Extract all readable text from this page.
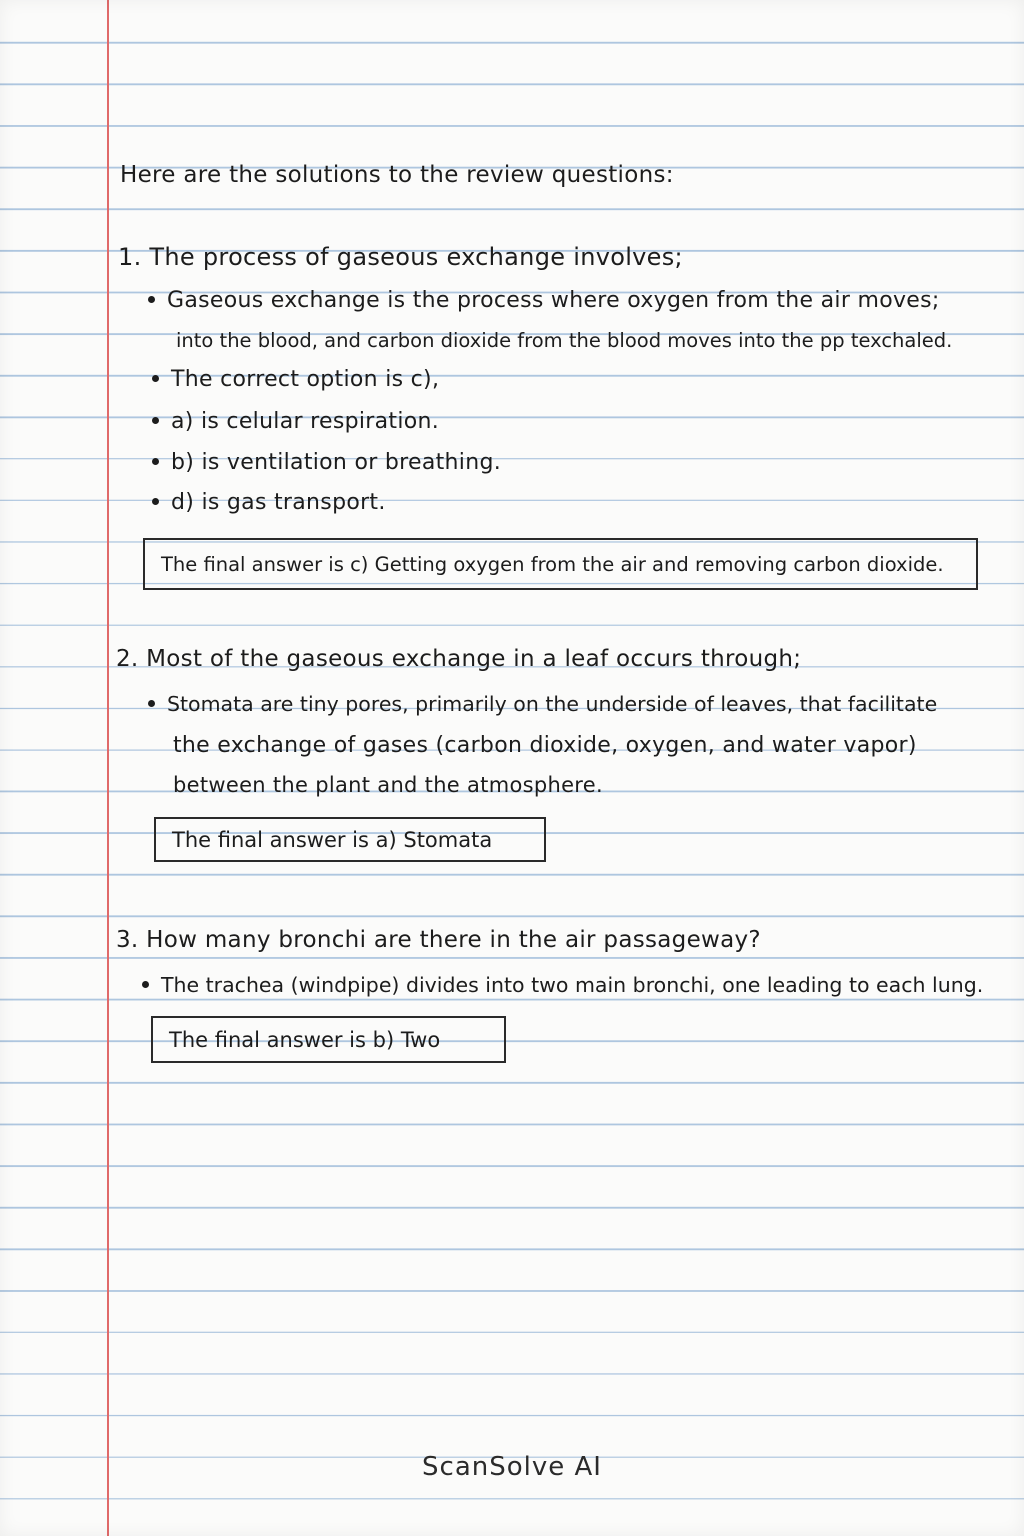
Here are the solutions to the review questions:
1. The process of gaseous exchange involves;
Gaseous exchange is the process where oxygen from the air moves;
into the blood, and carbon dioxide from the blood moves into the pp texchaled.
The correct option is c),
a) is celular respiration.
b) is ventilation or breathing.
d) is gas transport.
The final answer is c) Getting oxygen from the air and removing carbon dioxide.
2. Most of the gaseous exchange in a leaf occurs through;
Stomata are tiny pores, primarily on the underside of leaves, that facilitate
the exchange of gases (carbon dioxide, oxygen, and water vapor)
between the plant and the atmosphere.
The final answer is a) Stomata
3. How many bronchi are there in the air passageway?
The trachea (windpipe) divides into two main bronchi, one leading to each lung.
The final answer is b) Two
ScanSolve AI
